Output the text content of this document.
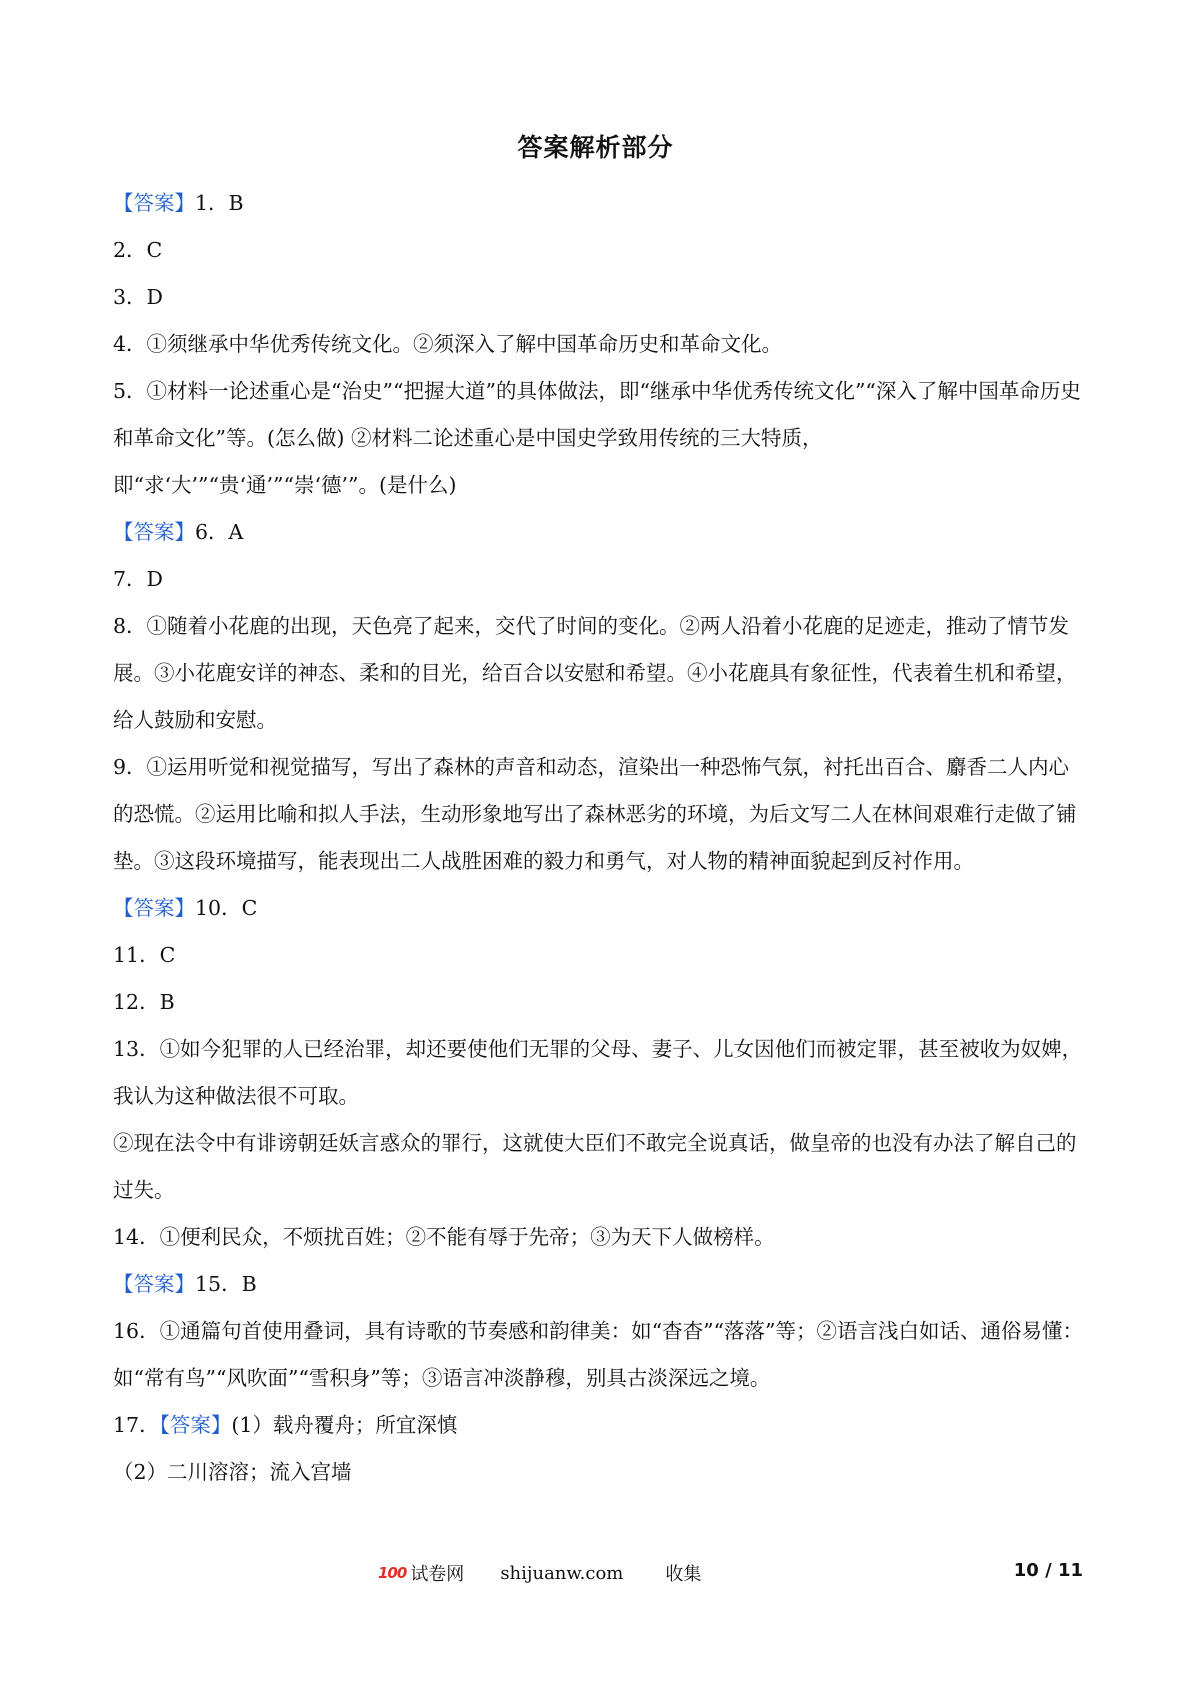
答案解析部分

【答案】1．B

2．C

3．D

4．①须继承中华优秀传统文化。②须深入了解中国革命历史和革命文化。

5．①材料一论述重心是“治史”“把握大道”的具体做法，即“继承中华优秀传统文化”“深入了解中国革命历史和革命文化”等。(怎么做) ②材料二论述重心是中国史学致用传统的三大特质，即“求‘大’”“贵‘通’”“崇‘德’”。(是什么)

【答案】6．A

7．D

8．①随着小花鹿的出现，天色亮了起来，交代了时间的变化。②两人沿着小花鹿的足迹走，推动了情节发展。③小花鹿安详的神态、柔和的目光，给百合以安慰和希望。④小花鹿具有象征性，代表着生机和希望，给人鼓励和安慰。

9．①运用听觉和视觉描写，写出了森林的声音和动态，渲染出一种恐怖气氛，衬托出百合、麝香二人内心的恐慌。②运用比喻和拟人手法，生动形象地写出了森林恶劣的环境，为后文写二人在林间艰难行走做了铺垫。③这段环境描写，能表现出二人战胜困难的毅力和勇气，对人物的精神面貌起到反衬作用。

【答案】10．C

11．C

12．B

13．①如今犯罪的人已经治罪，却还要使他们无罪的父母、妻子、儿女因他们而被定罪，甚至被收为奴婢，我认为这种做法很不可取。

②现在法令中有诽谤朝廷妖言惑众的罪行，这就使大臣们不敢完全说真话，做皇帝的也没有办法了解自己的过失。

14．①便利民众，不烦扰百姓；②不能有辱于先帝；③为天下人做榜样。

【答案】15．B

16．①通篇句首使用叠词，具有诗歌的节奏感和韵律美：如“杳杳”“落落”等；②语言浅白如话、通俗易懂：如“常有鸟”“风吹面”“雪积身”等；③语言冲淡静穆，别具古淡深远之境。

17．【答案】(1）载舟覆舟；所宜深慎

（2）二川溶溶；流入宫墙

100 试卷网 shijuanw.com 收集	10 / 11
